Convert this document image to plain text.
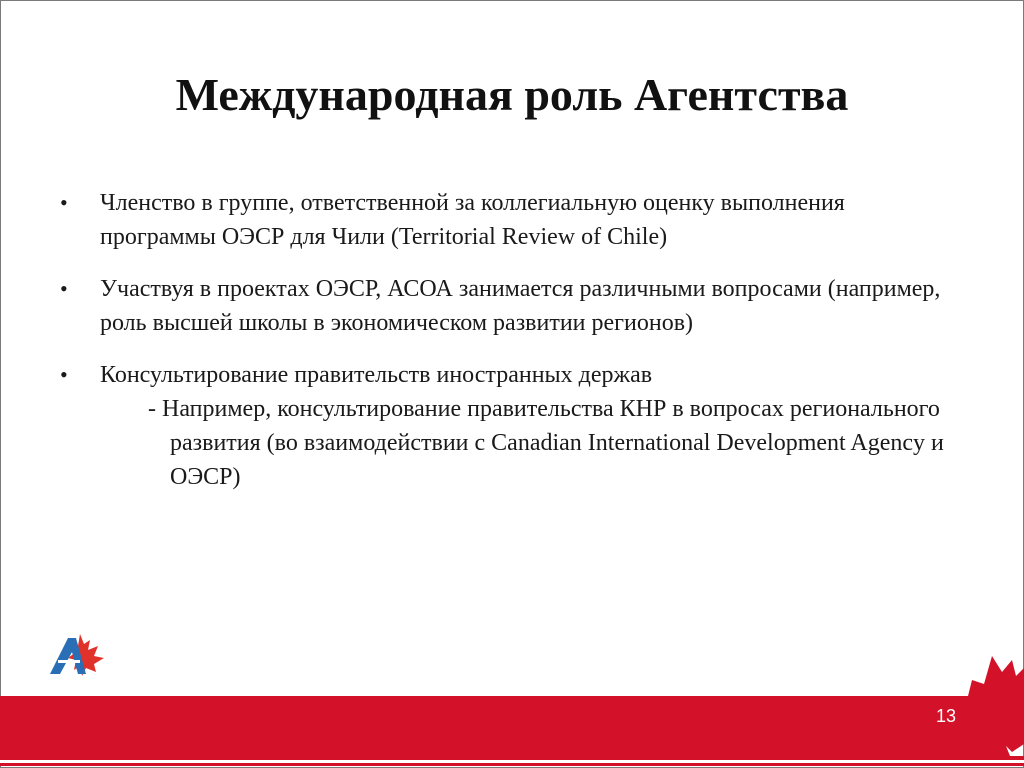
Международная роль Агентства
• Членство в группе, ответственной за коллегиальную оценку выполнения программы ОЭСР для Чили (Territorial Review of Chile)
• Участвуя в проектах ОЭСР, АСОА занимается различными вопросами (например, роль высшей школы в экономическом развитии регионов)
• Консультирование правительств иностранных держав
- Например, консультирование правительства КНР в вопросах регионального развития (во взаимодействии с Canadian International Development Agency и ОЭСР)
13
